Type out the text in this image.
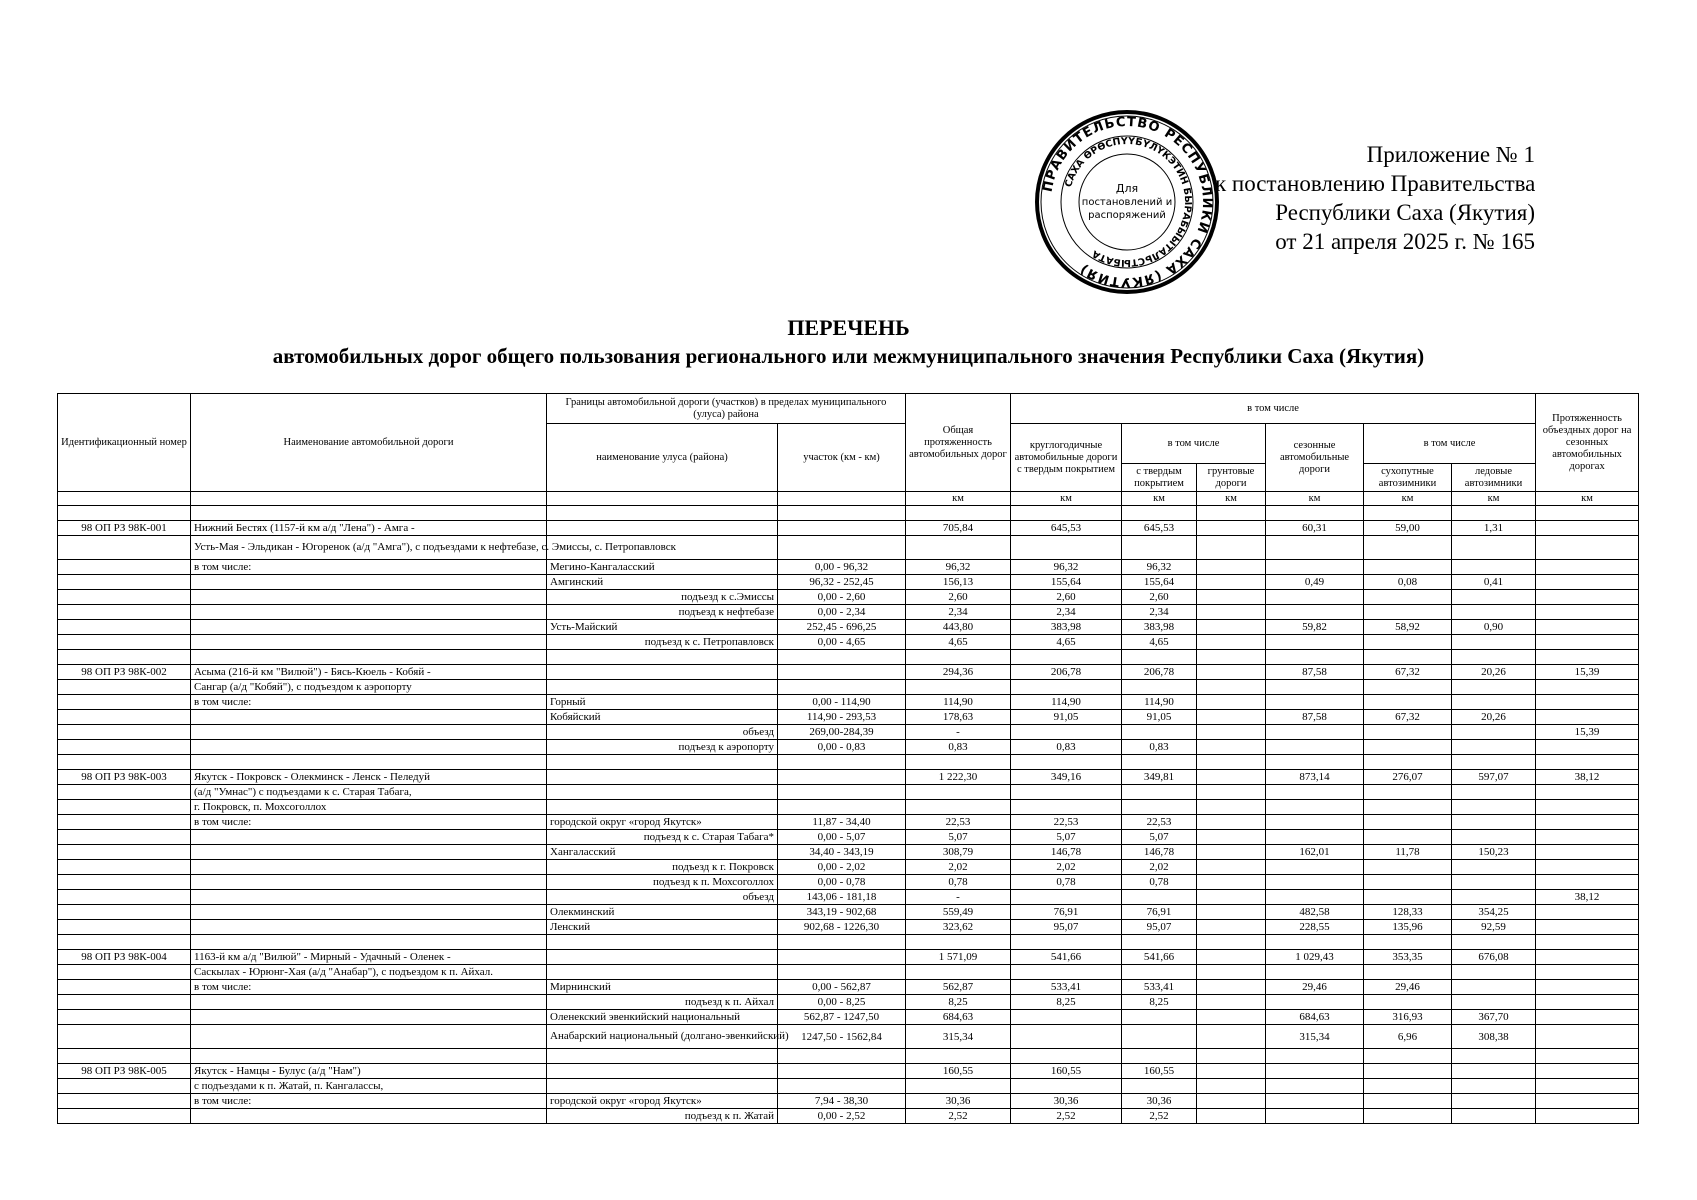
Приложение № 1
к постановлению Правительства
Республики Саха (Якутия)
от 21 апреля 2025 г. № 165
ПРАВИТЕЛЬСТВО РЕСПУБЛИКИ САХА (ЯКУТИЯ)
САХА ӨРӨСПҮҮБҮЛҮКЭТИН БЫРАБЫЫТАЛЬСТЫБАТА
Для
постановлений и
распоряжений
ПЕРЕЧЕНЬ
автомобильных дорог общего пользования регионального или межмуниципального значения Республики Саха (Якутия)
Идентификационный номер	Наименование автомобильной дороги	Границы автомобильной дороги (участков) в пределах муниципального (улуса) района		Общая протяженность автомобильных дорог	в том числе						Протяженность объездных дорог на сезонных автомобильных дорогах
		наименование улуса (района)	участок (км - км)		круглогодичные автомобильные дороги с твердым покрытием	в том числе		сезонные автомобильные дороги	в том числе		
						с твердым покрытием	грунтовые дороги		сухопутные автозимники	ледовые автозимники	
				км	км	км	км	км	км	км	км

98 ОП РЗ 98К-001	Нижний Бестях (1157-й км а/д "Лена") - Амга -			705,84	645,53	645,53		60,31	59,00	1,31	
	Усть-Мая - Эльдикан - Югоренок (а/д "Амга"), с подъездами к нефтебазе, с. Эмиссы, с. Петропавловск										
	в том числе:	Мегино-Кангаласский	0,00 - 96,32	96,32	96,32	96,32					
		Амгинский	96,32 - 252,45	156,13	155,64	155,64		0,49	0,08	0,41	
		подъезд к с.Эмиссы	0,00 - 2,60	2,60	2,60	2,60					
		подъезд к нефтебазе	0,00 - 2,34	2,34	2,34	2,34					
		Усть-Майский	252,45 - 696,25	443,80	383,98	383,98		59,82	58,92	0,90	
		подъезд к с. Петропавловск	0,00 - 4,65	4,65	4,65	4,65					

98 ОП РЗ 98К-002	Асыма (216-й км "Вилюй") - Бясь-Кюель - Кобяй -			294,36	206,78	206,78		87,58	67,32	20,26	15,39
	Сангар (а/д "Кобяй"), с подъездом к аэропорту										
	в том числе:	Горный	0,00 - 114,90	114,90	114,90	114,90					
		Кобяйский	114,90 - 293,53	178,63	91,05	91,05		87,58	67,32	20,26	
		объезд	269,00-284,39	-							15,39
		подъезд к аэропорту	0,00 - 0,83	0,83	0,83	0,83					

98 ОП РЗ 98К-003	Якутск - Покровск - Олекминск - Ленск - Пеледуй			1 222,30	349,16	349,81		873,14	276,07	597,07	38,12
	(а/д "Умнас") с подъездами к с. Старая Табага,										
	г. Покровск, п. Мохсоголлох										
	в том числе:	городской округ «город Якутск»	11,87 - 34,40	22,53	22,53	22,53					
		подъезд к с. Старая Табага*	0,00 - 5,07	5,07	5,07	5,07					
		Хангаласский	34,40 - 343,19	308,79	146,78	146,78		162,01	11,78	150,23	
		подъезд к г. Покровск	0,00 - 2,02	2,02	2,02	2,02					
		подъезд к п. Мохсоголлох	0,00 - 0,78	0,78	0,78	0,78					
		объезд	143,06 - 181,18	-							38,12
		Олекминский	343,19 - 902,68	559,49	76,91	76,91		482,58	128,33	354,25	
		Ленский	902,68 - 1226,30	323,62	95,07	95,07		228,55	135,96	92,59	

98 ОП РЗ 98К-004	1163-й км а/д "Вилюй" - Мирный - Удачный - Оленек -			1 571,09	541,66	541,66		1 029,43	353,35	676,08	
	Саскылах - Юрюнг-Хая (а/д "Анабар"), с подъездом к п. Айхал.										
	в том числе:	Мирнинский	0,00 - 562,87	562,87	533,41	533,41		29,46	29,46		
		подъезд к п. Айхал	0,00 - 8,25	8,25	8,25	8,25					
		Оленекский эвенкийский национальный	562,87 - 1247,50	684,63				684,63	316,93	367,70	
		Анабарский национальный (долгано-эвенкийский)	1247,50 - 1562,84	315,34				315,34	6,96	308,38	

98 ОП РЗ 98К-005	Якутск - Намцы - Булус (а/д "Нам")			160,55	160,55	160,55					
	с подъездами к п. Жатай, п. Кангалассы,										
	в том числе:	городской округ «город Якутск»	7,94 - 38,30	30,36	30,36	30,36					
		подъезд к п. Жатай	0,00 - 2,52	2,52	2,52	2,52					
